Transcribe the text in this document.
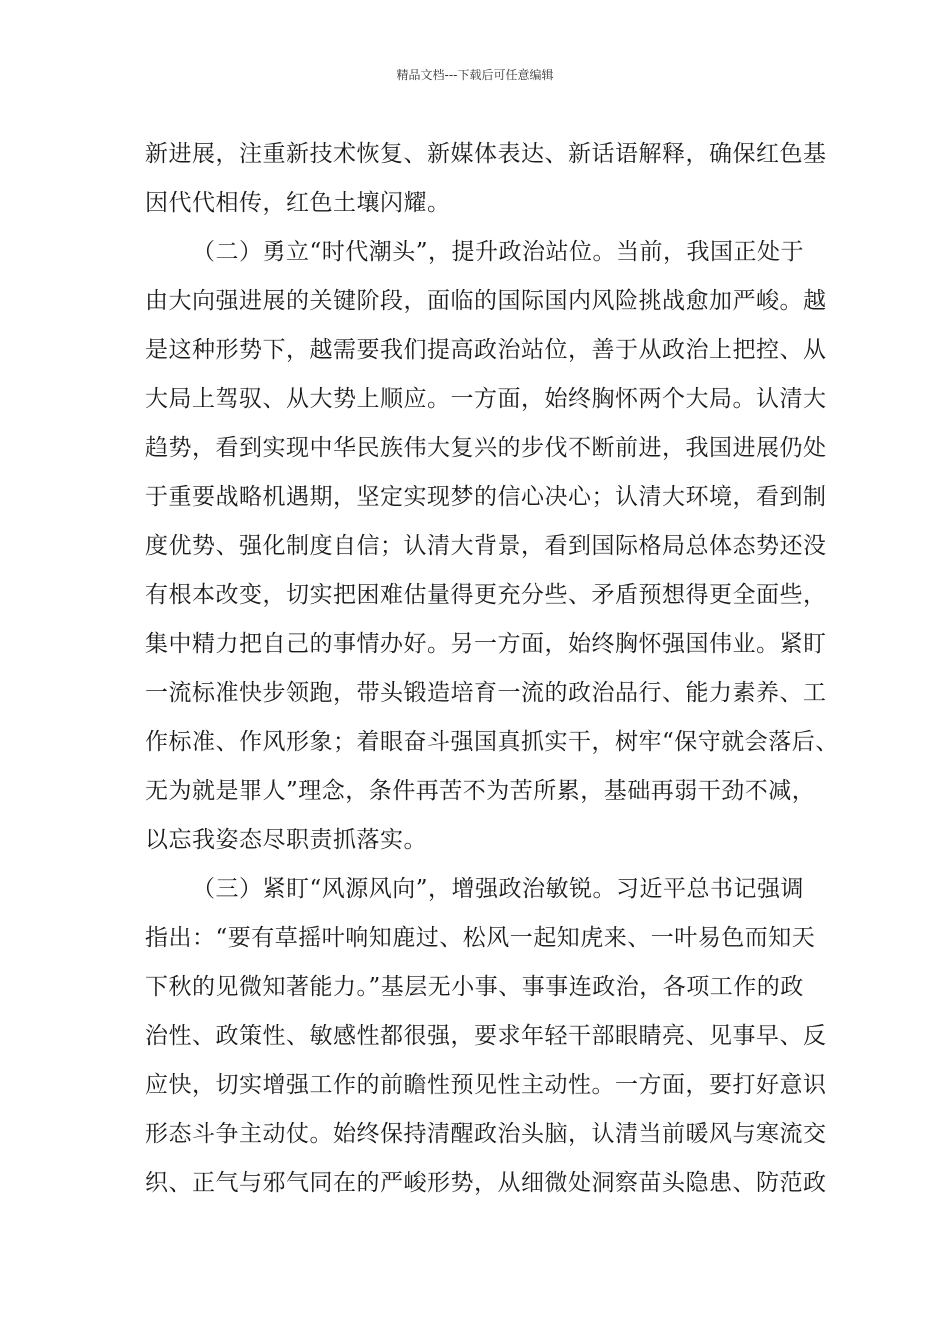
精品文档---下载后可任意编辑
新进展，注重新技术恢复、新媒体表达、新话语解释，确保红色基
因代代相传，红色土壤闪耀。
（二）勇立“时代潮头”，提升政治站位。当前，我国正处于
由大向强进展的关键阶段，面临的国际国内风险挑战愈加严峻。越
是这种形势下，越需要我们提高政治站位，善于从政治上把控、从
大局上驾驭、从大势上顺应。一方面，始终胸怀两个大局。认清大
趋势，看到实现中华民族伟大复兴的步伐不断前进，我国进展仍处
于重要战略机遇期，坚定实现梦的信心决心；认清大环境，看到制
度优势、强化制度自信；认清大背景，看到国际格局总体态势还没
有根本改变，切实把困难估量得更充分些、矛盾预想得更全面些，
集中精力把自己的事情办好。另一方面，始终胸怀强国伟业。紧盯
一流标准快步领跑，带头锻造培育一流的政治品行、能力素养、工
作标准、作风形象；着眼奋斗强国真抓实干，树牢“保守就会落后、
无为就是罪人”理念，条件再苦不为苦所累，基础再弱干劲不减，
以忘我姿态尽职责抓落实。
（三）紧盯“风源风向”，增强政治敏锐。习近平总书记强调
指出：“要有草摇叶响知鹿过、松风一起知虎来、一叶易色而知天
下秋的见微知著能力。”基层无小事、事事连政治，各项工作的政
治性、政策性、敏感性都很强，要求年轻干部眼睛亮、见事早、反
应快，切实增强工作的前瞻性预见性主动性。一方面，要打好意识
形态斗争主动仗。始终保持清醒政治头脑，认清当前暖风与寒流交
织、正气与邪气同在的严峻形势，从细微处洞察苗头隐患、防范政
